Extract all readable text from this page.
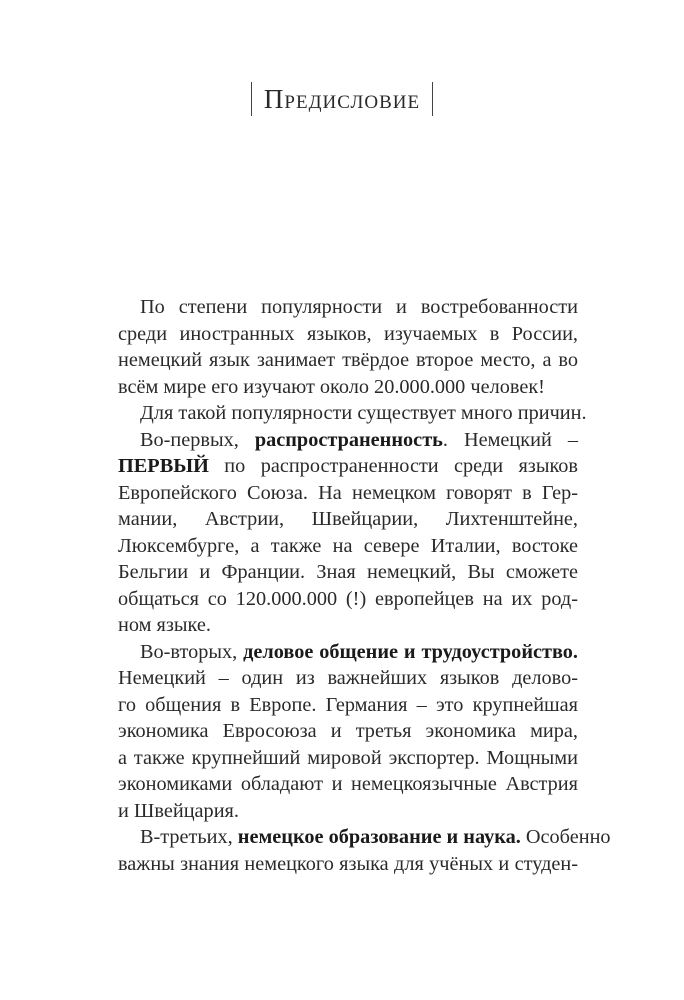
Предисловие
По степени популярности и востребованности
среди иностранных языков, изучаемых в России,
немецкий язык занимает твёрдое второе место, а во
всём мире его изучают около 20.000.000 человек!
Для такой популярности существует много причин.
Во-первых, распространенность. Немецкий –
ПЕРВЫЙ по распространенности среди языков
Европейского Союза. На немецком говорят в Гер-
мании, Австрии, Швейцарии, Лихтенштейне,
Люксембурге, а также на севере Италии, востоке
Бельгии и Франции. Зная немецкий, Вы сможете
общаться со 120.000.000 (!) европейцев на их род-
ном языке.
Во-вторых, деловое общение и трудоустройство.
Немецкий – один из важнейших языков делово-
го общения в Европе. Германия – это крупнейшая
экономика Евросоюза и третья экономика мира,
а также крупнейший мировой экспортер. Мощными
экономиками обладают и немецкоязычные Австрия
и Швейцария.
В-третьих, немецкое образование и наука. Особенно
важны знания немецкого языка для учёных и студен-
